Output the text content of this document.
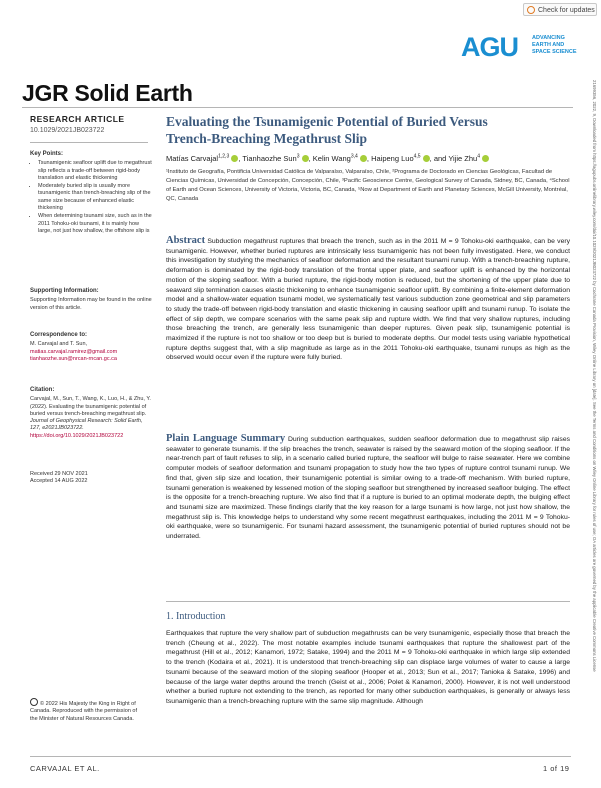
Check for updates
AGU	ADVANCING
EARTH AND
SPACE SCIENCE
JGR Solid Earth
RESEARCH ARTICLE
10.1029/2021JB023722
Key Points:
• Tsunamigenic seafloor uplift due to megathrust slip reflects a trade-off between rigid-body translation and elastic thickening
• Moderately buried slip is usually more tsunamigenic than trench-breaching slip of the same size because of enhanced elastic thickening
• When determining tsunami size, such as in the 2011 Tohoku-oki tsunami, it is mainly how large, not just how shallow, the offshore slip is
Supporting Information:
Supporting Information may be found in the online version of this article.
Correspondence to:
M. Carvajal and T. Sun,
matias.carvajal.ramirez@gmail.com
tianhaozhe.sun@nrcan-rncan.gc.ca
Citation:
Carvajal, M., Sun, T., Wang, K., Luo, H., & Zhu, Y. (2022). Evaluating the tsunamigenic potential of buried versus trench-breaching megathrust slip. Journal of Geophysical Research: Solid Earth, 127, e2021JB023722. https://doi.org/10.1029/2021JB023722
Received 29 NOV 2021
Accepted 14 AUG 2022
© 2022 His Majesty the King in Right of Canada. Reproduced with the permission of the Minister of Natural Resources Canada.
Evaluating the Tsunamigenic Potential of Buried Versus Trench-Breaching Megathrust Slip
Matías Carvajal$^{1,2,3}$ , Tianhaozhe Sun$^3$ , Kelin Wang$^{3,4}$ , Haipeng Luo$^{4,5}$ , and Yijie Zhu$^4$
¹Instituto de Geografía, Pontificia Universidad Católica de Valparaíso, Valparaíso, Chile, ²Programa de Doctorado en Ciencias Geológicas, Facultad de Ciencias Químicas, Universidad de Concepción, Concepción, Chile, ³Pacific Geoscience Centre, Geological Survey of Canada, Sidney, BC, Canada, ⁴School of Earth and Ocean Sciences, University of Victoria, Victoria, BC, Canada, ⁵Now at Department of Earth and Planetary Sciences, McGill University, Montréal, QC, Canada
Abstract Subduction megathrust ruptures that breach the trench, such as in the 2011 M = 9 Tohoku-oki earthquake, can be very tsunamigenic. However, whether buried ruptures are intrinsically less tsunamigenic has not been fully investigated. Here, we conduct this investigation by studying the mechanics of seafloor deformation and the resultant tsunami runup. With a trench-breaching rupture, deformation is dominated by the rigid-body translation of the frontal upper plate, and seafloor uplift is enhanced by the horizontal motion of the sloping seafloor. With a buried rupture, the rigid-body motion is reduced, but the shortening of the upper plate due to seaward slip termination causes elastic thickening to enhance tsunamigenic seafloor uplift. By combining a finite-element deformation model and a shallow-water equation tsunami model, we systematically test various subduction zone geometrical and slip parameters to study the trade-off between rigid-body translation and elastic thickening in causing seafloor uplift and tsunami runup. To isolate the effect of slip depth, we compare scenarios with the same peak slip and rupture width. We find that very shallow ruptures, including those breaching the trench, are generally less tsunamigenic than deeper ruptures. Given peak slip, tsunamigenic potential is maximized if the rupture is not too shallow or too deep but is buried to moderate depths. Our model tests using variable hypothetical rupture depths suggest that, with a slip magnitude as large as in the 2011 Tohoku-oki earthquake, tsunami runups as high as the observed would occur even if the rupture were fully buried.
Plain Language Summary During subduction earthquakes, sudden seafloor deformation due to megathrust slip raises seawater to generate tsunamis. If the slip breaches the trench, seawater is raised by the seaward motion of the sloping seafloor. If the near-trench part of fault refuses to slip, in a scenario called buried rupture, the seafloor will bulge to raise seawater. Here we combine computer models of seafloor deformation and tsunami propagation to study how the two types of rupture control tsunami runup. We find that, given slip size and location, their tsunamigenic potential is similar owing to a trade-off mechanism. With buried rupture, tsunami generation is weakened by lessened motion of the sloping seafloor but strengthened by increased seafloor bulging. The effect is the opposite for a trench-breaching rupture. We also find that if a rupture is buried to an optimal moderate depth, the bulging effect and tsunami size are maximized. These findings clarify that the key reason for a large tsunami is how large, not just how shallow, the megathrust slip is. This knowledge helps to understand why some recent megathrust earthquakes, including the 2011 M = 9 Tohoku-oki earthquake, were so tsunamigenic. For tsunami hazard assessment, the tsunamigenic potential of buried ruptures should not be underrated.
1. Introduction
Earthquakes that rupture the very shallow part of subduction megathrusts can be very tsunamigenic, especially those that breach the trench (Cheung et al., 2022). The most notable examples include tsunami earthquakes that rupture the shallowest part of the megathrust (Hill et al., 2012; Kanamori, 1972; Satake, 1994) and the 2011 M = 9 Tohoku-oki earthquake in which large slip extended to the trench (Kodaira et al., 2021). It is understood that trench-breaching slip can displace large volumes of water to cause a large tsunami because of the seaward motion of the sloping seafloor (Hooper et al., 2013; Sun et al., 2017; Tanioka & Satake, 1996) and because of the large water depths around the trench (Geist et al., 2006; Polet & Kanamori, 2000). However, it is not well understood whether a buried rupture not extending to the trench, as reported for many other subduction earthquakes, is generally or always less tsunamigenic than a trench-breaching rupture with the same slip magnitude. Although
CARVAJAL ET AL.	1 of 19
21699356, 2022, 9, Downloaded from https://agupubs.onlinelibrary.wiley.com/doi/10.1029/2021JB023722 by Cochrane Canada Provision, Wiley Online Library on [date]. See the Terms and Conditions on Wiley Online Library for rules of use; OA articles are governed by the applicable Creative Commons License
